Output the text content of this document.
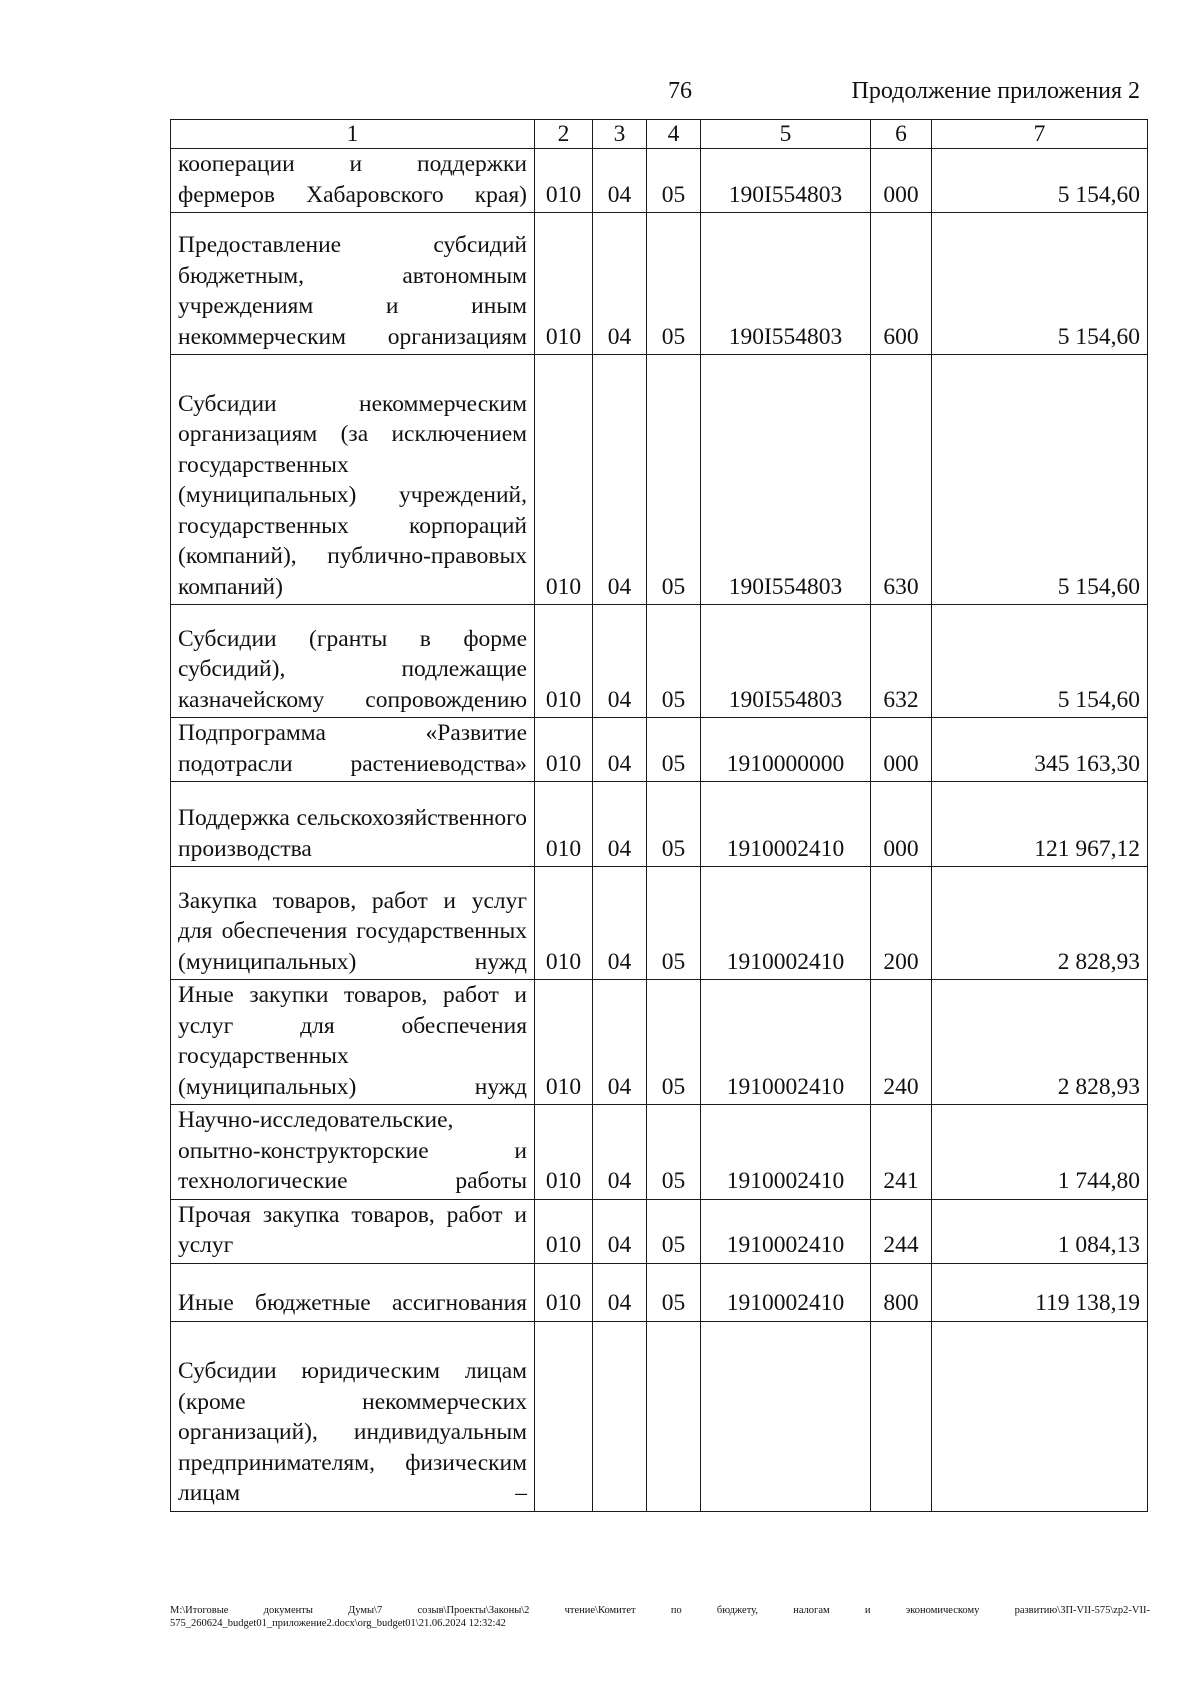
76	Продолжение приложения 2
1	2	3	4	5	6	7
кооперации и поддержки фермеров Хабаровского края)	010	04	05	190I554803	000	5 154,60
Предоставление субсидий бюджетным, автономным учреждениям и иным некоммерческим организациям	010	04	05	190I554803	600	5 154,60
Субсидии некоммерческим организациям (за исключением государственных (муниципальных) учреждений, государственных корпораций (компаний), публично-правовых компаний)	010	04	05	190I554803	630	5 154,60
Субсидии (гранты в форме субсидий), подлежащие казначейскому сопровождению	010	04	05	190I554803	632	5 154,60
Подпрограмма «Развитие подотрасли растениеводства»	010	04	05	1910000000	000	345 163,30
Поддержка сельскохозяйственного производства	010	04	05	1910002410	000	121 967,12
Закупка товаров, работ и услуг для обеспечения государственных (муниципальных) нужд	010	04	05	1910002410	200	2 828,93
Иные закупки товаров, работ и услуг для обеспечения государственных (муниципальных) нужд	010	04	05	1910002410	240	2 828,93
Научно-исследовательские, опытно-конструкторские и технологические работы	010	04	05	1910002410	241	1 744,80
Прочая закупка товаров, работ и услуг	010	04	05	1910002410	244	1 084,13
Иные бюджетные ассигнования	010	04	05	1910002410	800	119 138,19
Субсидии юридическим лицам (кроме некоммерческих организаций), индивидуальным предпринимателям, физическим лицам –						
M:\Итоговые документы Думы\7 созыв\Проекты\Законы\2 чтение\Комитет по бюджету, налогам и экономическому развитию\3П-VII-575\zp2-VII-
575_260624_budget01_приложение2.docx\org_budget01\21.06.2024 12:32:42
